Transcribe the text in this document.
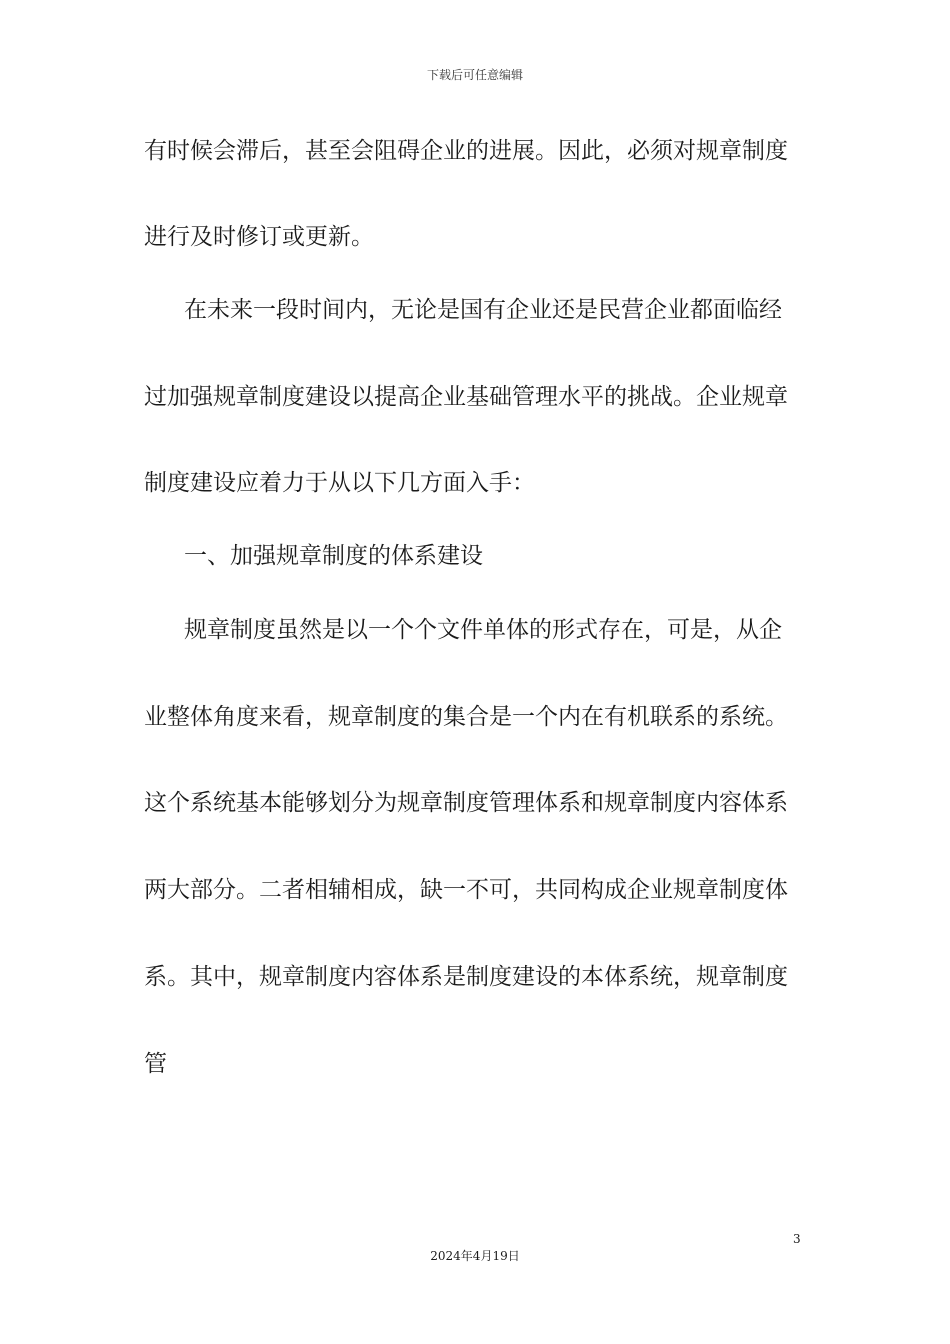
下载后可任意编辑

有时候会滞后，甚至会阻碍企业的进展。因此，必须对规章制度

进行及时修订或更新。

在未来一段时间内，无论是国有企业还是民营企业都面临经

过加强规章制度建设以提高企业基础管理水平的挑战。企业规章

制度建设应着力于从以下几方面入手：

一、加强规章制度的体系建设

规章制度虽然是以一个个文件单体的形式存在，可是，从企

业整体角度来看，规章制度的集合是一个内在有机联系的系统。

这个系统基本能够划分为规章制度管理体系和规章制度内容体系

两大部分。二者相辅相成，缺一不可，共同构成企业规章制度体

系。其中，规章制度内容体系是制度建设的本体系统，规章制度

管

3
2024年4月19日
